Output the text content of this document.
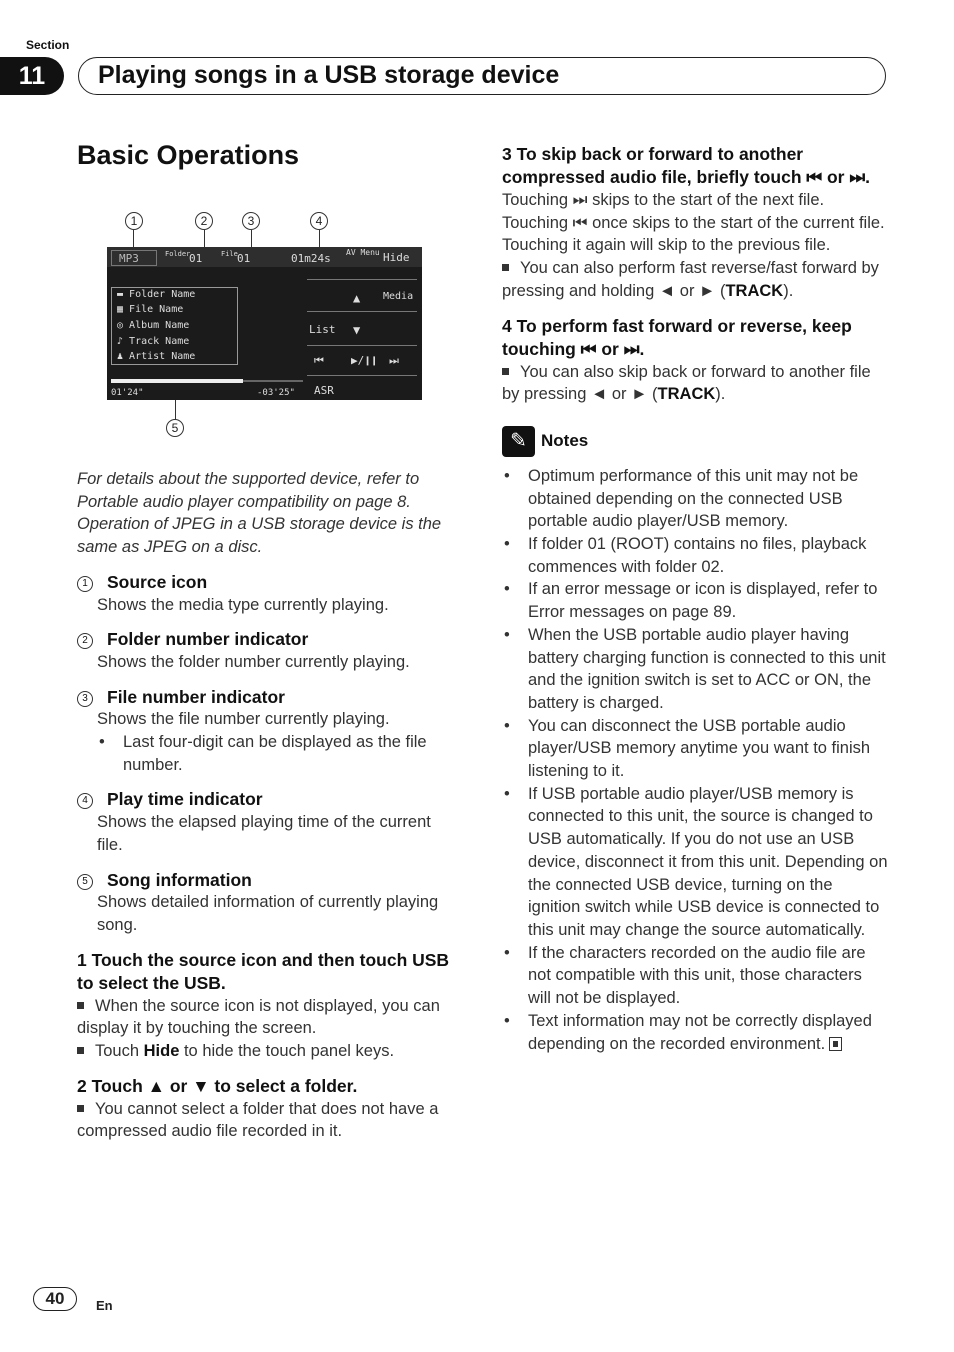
Section
11	Playing songs in a USB storage device
Basic Operations
1	2	3	4
5
MP3	Folder
01	File 01	01m24s AV Menu Hide
▬ Folder Name
▦ File Name
◎ Album Name
♪ Track Name
♟ Artist Name
▲ Media
List ▼
⏮ ▶/❙❙ ⏭
01'24"	-03'25" ASR
For details about the supported device, refer to Portable audio player compatibility on page 8. Operation of JPEG in a USB storage device is the same as JPEG on a disc.
1 Source icon
Shows the media type currently playing.
2 Folder number indicator
Shows the folder number currently playing.
3 File number indicator
Shows the file number currently playing.
• Last four-digit can be displayed as the file number.
4 Play time indicator
Shows the elapsed playing time of the current file.
5 Song information
Shows detailed information of currently playing song.
1 Touch the source icon and then touch USB to select the USB.
When the source icon is not displayed, you can display it by touching the screen.
Touch Hide to hide the touch panel keys.
2 Touch ▲ or ▼ to select a folder.
You cannot select a folder that does not have a compressed audio file recorded in it.
3 To skip back or forward to another compressed audio file, briefly touch ⏮ or ⏭.
Touching ⏭ skips to the start of the next file. Touching ⏮ once skips to the start of the current file. Touching it again will skip to the previous file.
You can also perform fast reverse/fast forward by pressing and holding ◄ or ► (TRACK).
4 To perform fast forward or reverse, keep touching ⏮ or ⏭.
You can also skip back or forward to another file by pressing ◄ or ► (TRACK).
✎ Notes
• Optimum performance of this unit may not be obtained depending on the connected USB portable audio player/USB memory.
• If folder 01 (ROOT) contains no files, playback commences with folder 02.
• If an error message or icon is displayed, refer to Error messages on page 89.
• When the USB portable audio player having battery charging function is connected to this unit and the ignition switch is set to ACC or ON, the battery is charged.
• You can disconnect the USB portable audio player/USB memory anytime you want to finish listening to it.
• If USB portable audio player/USB memory is connected to this unit, the source is changed to USB automatically. If you do not use an USB device, disconnect it from this unit. Depending on the connected USB device, turning on the ignition switch while USB device is connected to this unit may change the source automatically.
• If the characters recorded on the audio file are not compatible with this unit, those characters will not be displayed.
• Text information may not be correctly displayed depending on the recorded environment.
40	En
